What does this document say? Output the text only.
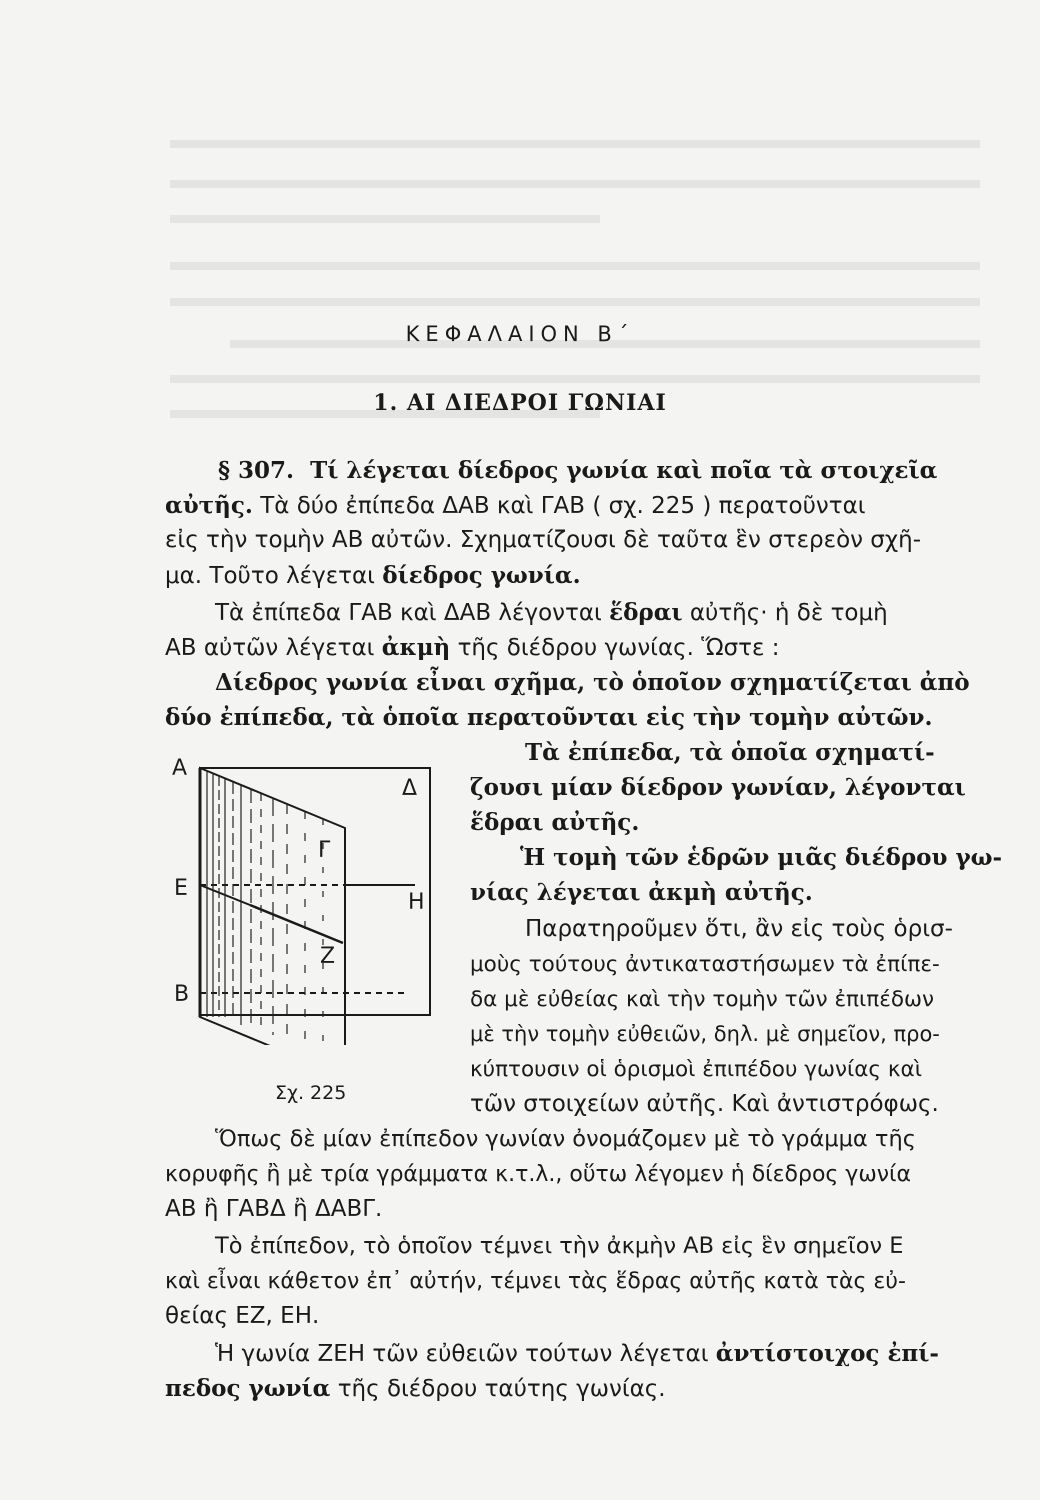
ΚΕΦΑΛΑΙΟΝ Β΄
1. ΑΙ ΔΙΕΔΡΟΙ ΓΩΝΙΑΙ
§ 307. Τί λέγεται δίεδρος γωνία καὶ ποῖα τὰ στοιχεῖα
αὐτῆς. Τὰ δύο ἐπίπεδα ΔΑΒ καὶ ΓΑΒ ( σχ. 225 ) περατοῦνται
εἰς τὴν τομὴν ΑΒ αὐτῶν. Σχηματίζουσι δὲ ταῦτα ἓν στερεὸν σχῆ-
μα. Τοῦτο λέγεται δίεδρος γωνία.
Τὰ ἐπίπεδα ΓΑΒ καὶ ΔΑΒ λέγονται ἕδραι αὐτῆς· ἡ δὲ τομὴ
ΑΒ αὐτῶν λέγεται ἀκμὴ τῆς διέδρου γωνίας. Ὥστε :
Δίεδρος γωνία εἶναι σχῆμα, τὸ ὁποῖον σχηματίζεται ἀπὸ
δύο ἐπίπεδα, τὰ ὁποῖα περατοῦνται εἰς τὴν τομὴν αὐτῶν.
Α
Δ
Γ
Ε
Η
Ζ
Β
Σχ. 225
Τὰ ἐπίπεδα, τὰ ὁποῖα σχηματί-
ζουσι μίαν δίεδρον γωνίαν, λέγονται
ἕδραι αὐτῆς.
Ἡ τομὴ τῶν ἑδρῶν μιᾶς διέδρου γω-
νίας λέγεται ἀκμὴ αὐτῆς.
Παρατηροῦμεν ὅτι, ἂν εἰς τοὺς ὁρισ-
μοὺς τούτους ἀντικαταστήσωμεν τὰ ἐπίπε-
δα μὲ εὐθείας καὶ τὴν τομὴν τῶν ἐπιπέδων
μὲ τὴν τομὴν εὐθειῶν, δηλ. μὲ σημεῖον, προ-
κύπτουσιν οἱ ὁρισμοὶ ἐπιπέδου γωνίας καὶ
τῶν στοιχείων αὐτῆς. Καὶ ἀντιστρόφως.
Ὅπως δὲ μίαν ἐπίπεδον γωνίαν ὀνομάζομεν μὲ τὸ γράμμα τῆς
κορυφῆς ἢ μὲ τρία γράμματα κ.τ.λ., οὕτω λέγομεν ἡ δίεδρος γωνία
ΑΒ ἢ ΓΑΒΔ ἢ ΔΑΒΓ.
Τὸ ἐπίπεδον, τὸ ὁποῖον τέμνει τὴν ἀκμὴν ΑΒ εἰς ἓν σημεῖον Ε
καὶ εἶναι κάθετον ἐπ᾽ αὐτήν, τέμνει τὰς ἕδρας αὐτῆς κατὰ τὰς εὐ-
θείας ΕΖ, ΕΗ.
Ἡ γωνία ΖΕΗ τῶν εὐθειῶν τούτων λέγεται ἀντίστοιχος ἐπί-
πεδος γωνία τῆς διέδρου ταύτης γωνίας.
